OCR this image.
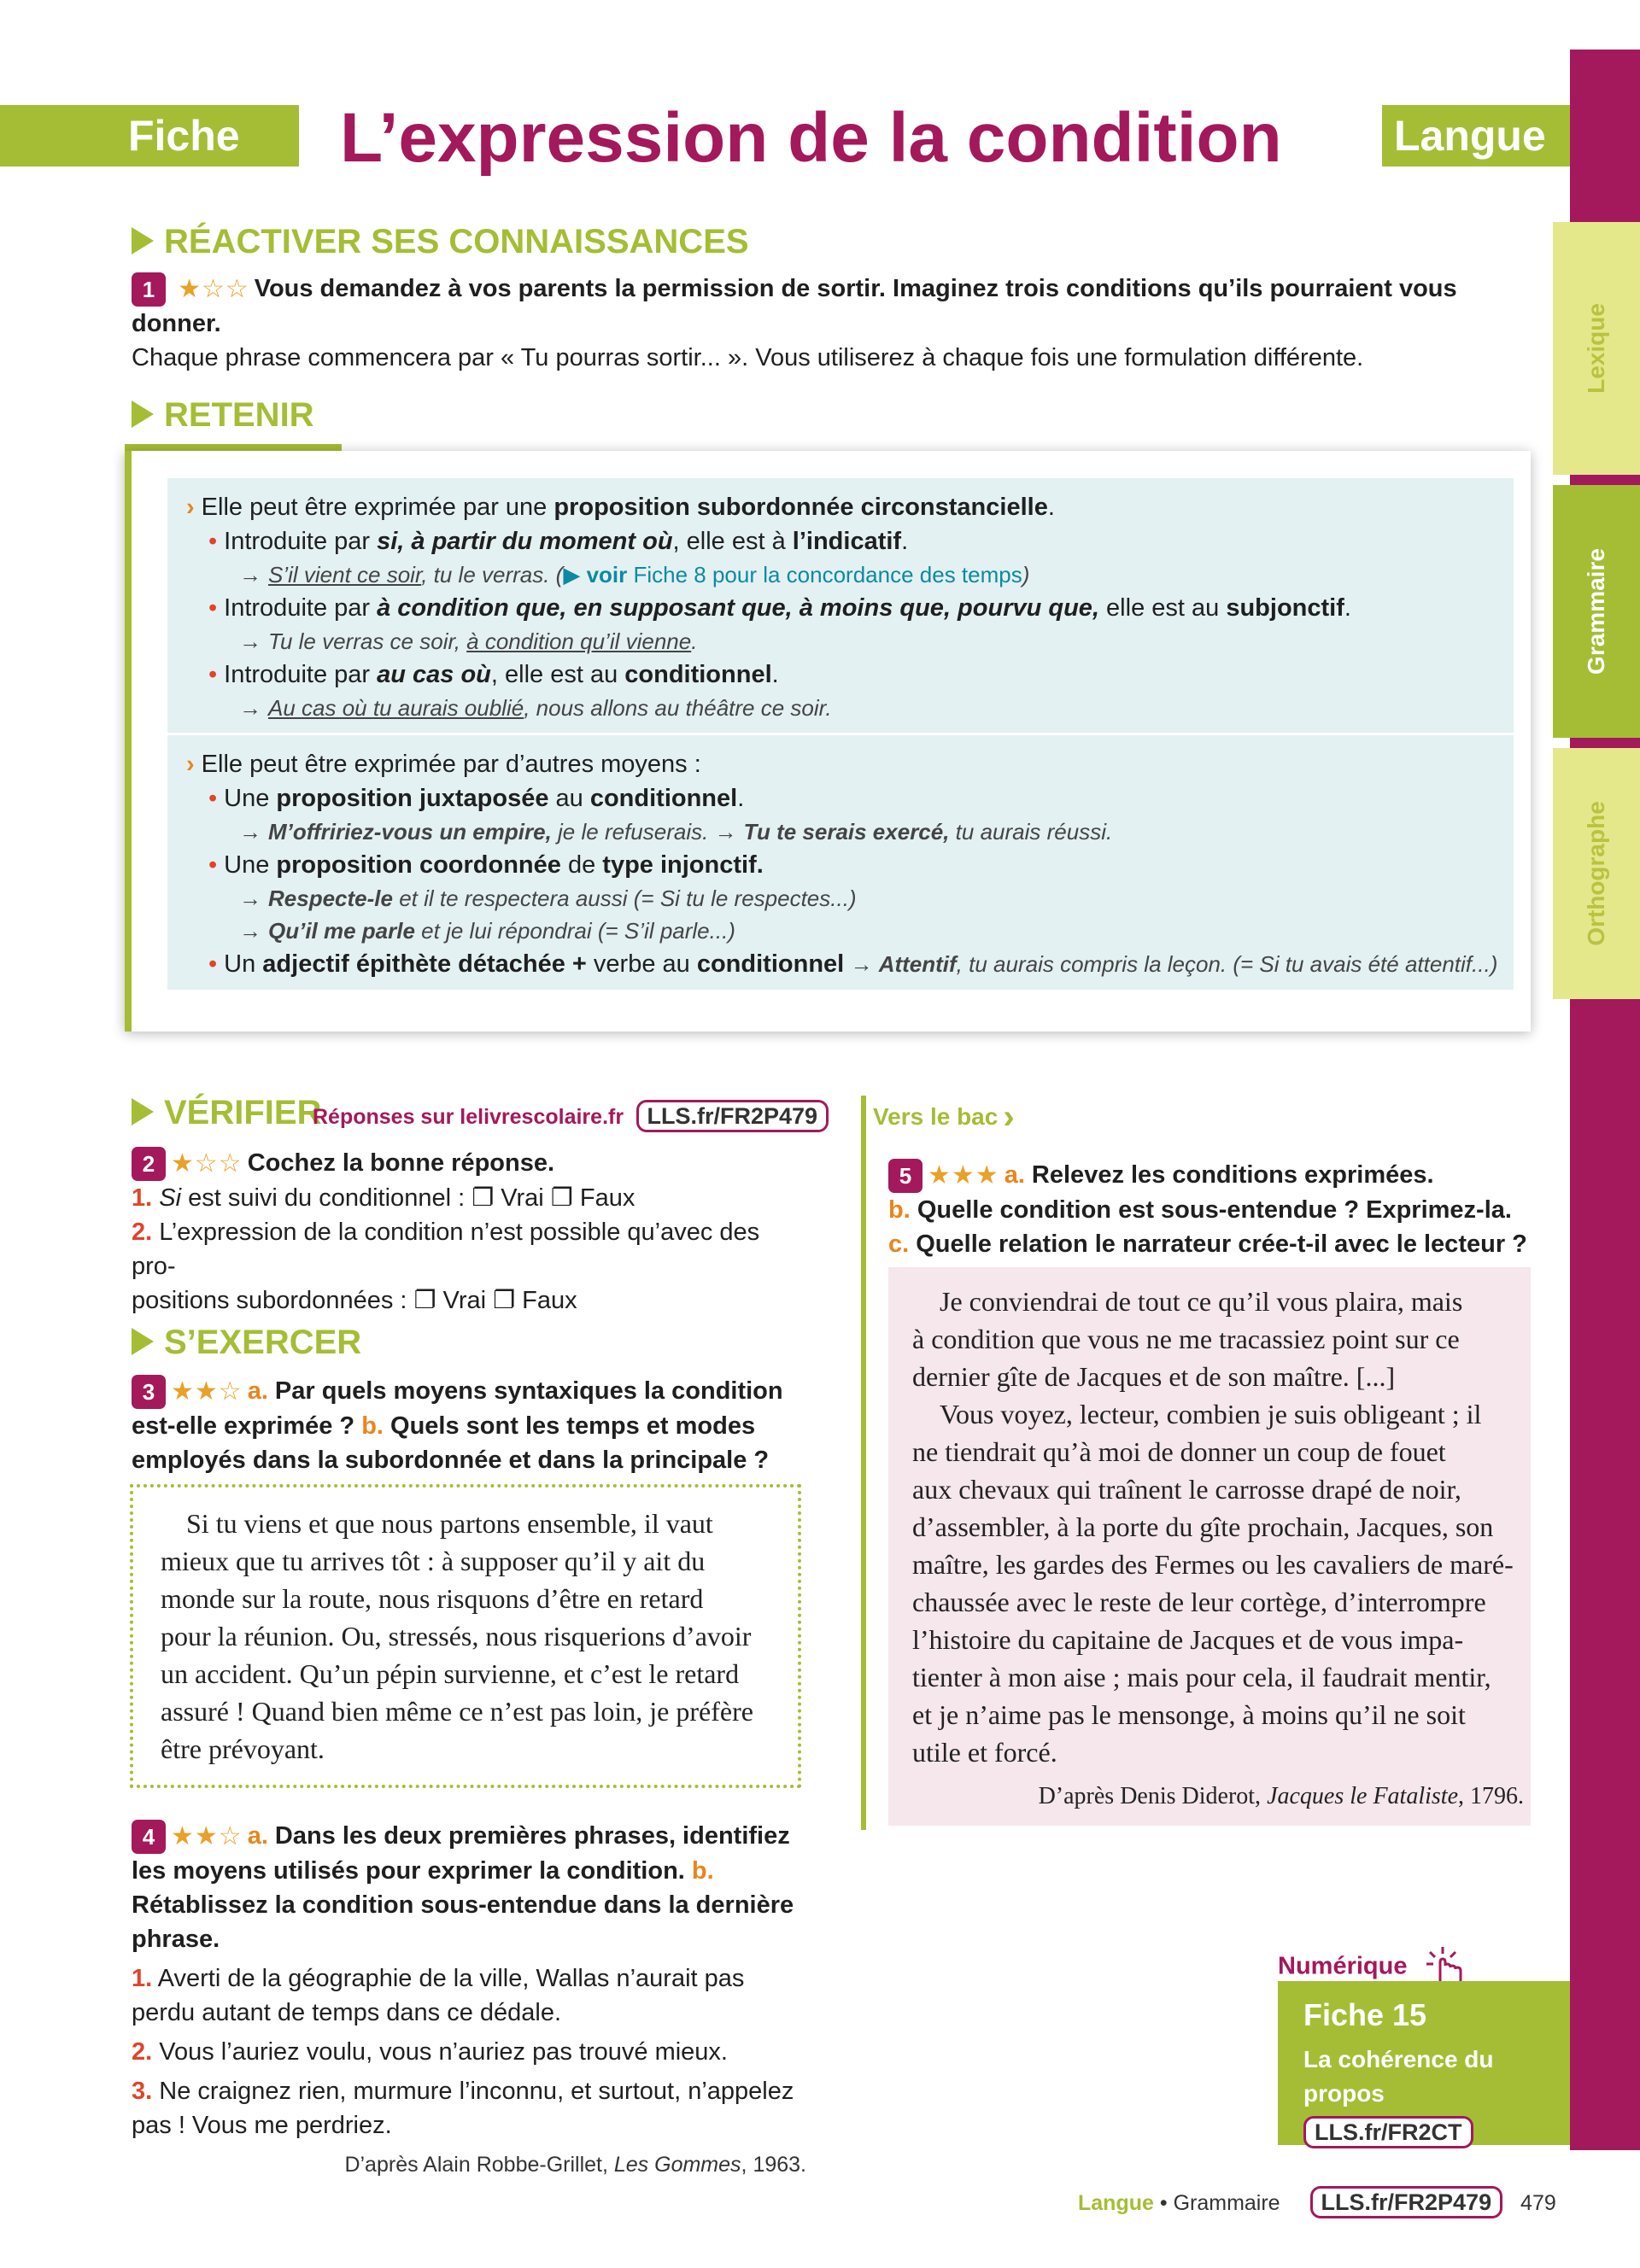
Fiche 14
L’expression de la condition	Langue
Lexique
Grammaire
Orthographe
RÉACTIVER SES CONNAISSANCES
1 ★☆☆ Vous demandez à vos parents la permission de sortir. Imaginez trois conditions qu’ils pourraient vous donner.
Chaque phrase commencera par « Tu pourras sortir... ». Vous utiliserez à chaque fois une formulation différente.
RETENIR
› Elle peut être exprimée par une proposition subordonnée circonstancielle.
• Introduite par si, à partir du moment où, elle est à l’indicatif.
→ S’il vient ce soir, tu le verras. (▶ voir Fiche 8 pour la concordance des temps)
• Introduite par à condition que, en supposant que, à moins que, pourvu que, elle est au subjonctif.
→ Tu le verras ce soir, à condition qu’il vienne.
• Introduite par au cas où, elle est au conditionnel.
→ Au cas où tu aurais oublié, nous allons au théâtre ce soir.
› Elle peut être exprimée par d’autres moyens :
• Une proposition juxtaposée au conditionnel.
→ M’offririez-vous un empire, je le refuserais. → Tu te serais exercé, tu aurais réussi.
• Une proposition coordonnée de type injonctif.
→ Respecte-le et il te respectera aussi (= Si tu le respectes...)
→ Qu’il me parle et je lui répondrai (= S’il parle...)
• Un adjectif épithète détachée + verbe au conditionnel → Attentif, tu aurais compris la leçon. (= Si tu avais été attentif...)
VÉRIFIER
Réponses sur lelivrescolaire.fr LLS.fr/FR2P479
2 ★☆☆ Cochez la bonne réponse.
1. Si est suivi du conditionnel : ❐ Vrai ❐ Faux
2. L’expression de la condition n’est possible qu’avec des pro-
positions subordonnées : ❐ Vrai ❐ Faux
S’EXERCER
3 ★★☆ a. Par quels moyens syntaxiques la condition est-elle exprimée ? b. Quels sont les temps et modes employés dans la subordonnée et dans la principale ?
Si tu viens et que nous partons ensemble, il vaut
mieux que tu arrives tôt : à supposer qu’il y ait du
monde sur la route, nous risquons d’être en retard
pour la réunion. Ou, stressés, nous risquerions d’avoir
un accident. Qu’un pépin survienne, et c’est le retard
assuré ! Quand bien même ce n’est pas loin, je préfère
être prévoyant.
4 ★★☆ a. Dans les deux premières phrases, identifiez les moyens utilisés pour exprimer la condition. b. Rétablissez la condition sous-entendue dans la dernière phrase.
1. Averti de la géographie de la ville, Wallas n’aurait pas perdu autant de temps dans ce dédale.
2. Vous l’auriez voulu, vous n’auriez pas trouvé mieux.
3. Ne craignez rien, murmure l’inconnu, et surtout, n’appelez pas ! Vous me perdriez.
D’après Alain Robbe-Grillet, Les Gommes, 1963.
Vers le bac ›
5 ★★★ a. Relevez les conditions exprimées.
b. Quelle condition est sous-entendue ? Exprimez-la.
c. Quelle relation le narrateur crée-t-il avec le lecteur ?
Je conviendrai de tout ce qu’il vous plaira, mais
à condition que vous ne me tracassiez point sur ce
dernier gîte de Jacques et de son maître. [...]
Vous voyez, lecteur, combien je suis obligeant ; il
ne tiendrait qu’à moi de donner un coup de fouet
aux chevaux qui traînent le carrosse drapé de noir,
d’assembler, à la porte du gîte prochain, Jacques, son
maître, les gardes des Fermes ou les cavaliers de maré-
chaussée avec le reste de leur cortège, d’interrompre
l’histoire du capitaine de Jacques et de vous impa-
tienter à mon aise ; mais pour cela, il faudrait mentir,
et je n’aime pas le mensonge, à moins qu’il ne soit
utile et forcé.
D’après Denis Diderot, Jacques le Fataliste, 1796.
Numérique
Fiche 15
La cohérence du propos
LLS.fr/FR2CT
Langue • Grammaire LLS.fr/FR2P479 479
